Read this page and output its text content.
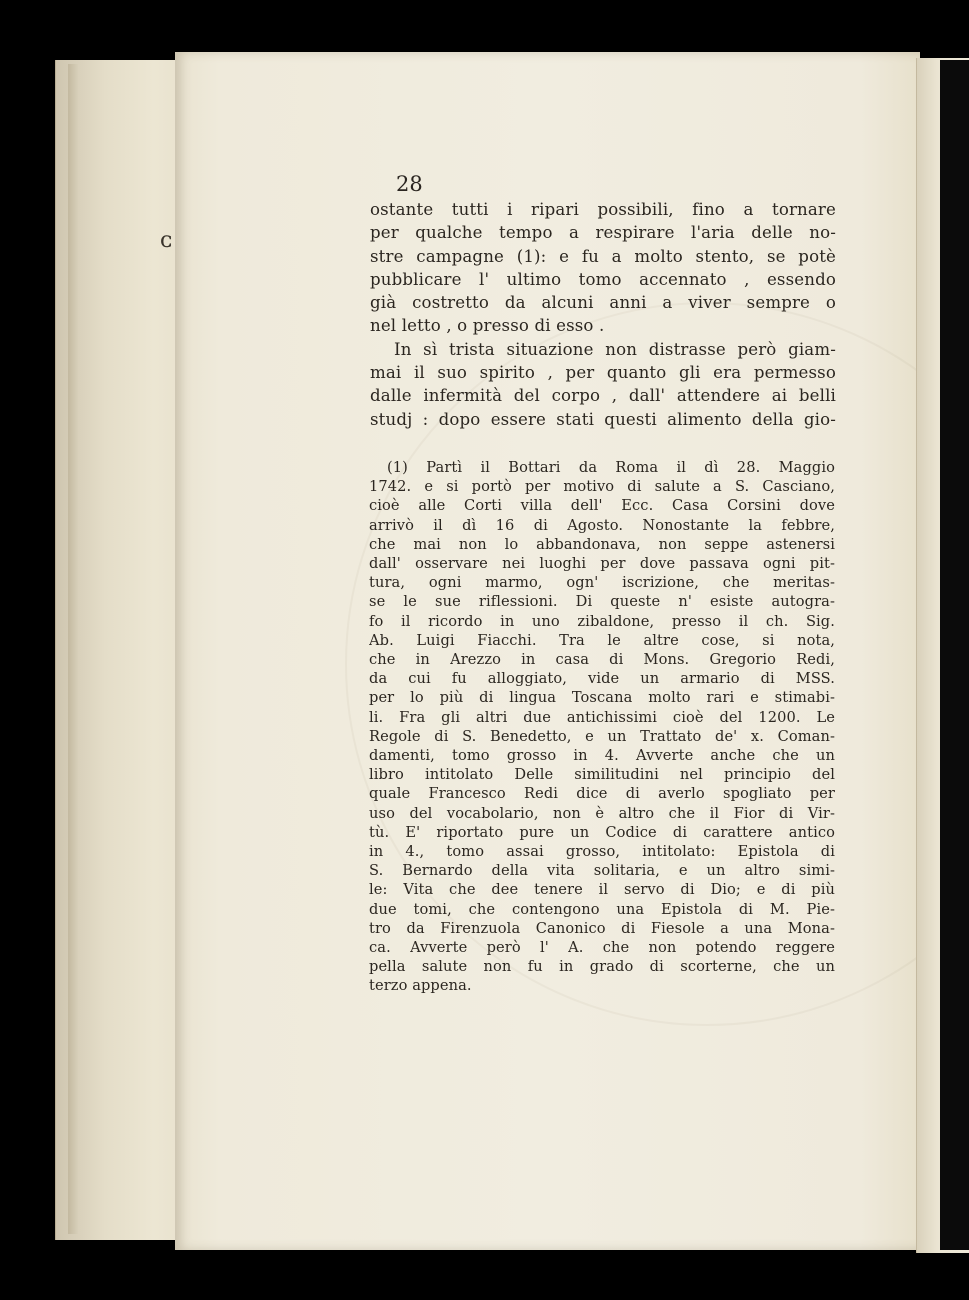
ᴄ
28
ostante tutti i ripari possibili, fino a tornare
per qualche tempo a respirare l'aria delle no-
stre campagne (1): e fu a molto stento, se potè
pubblicare l' ultimo tomo accennato , essendo
già costretto da alcuni anni a viver sempre o
nel letto , o presso di esso .
In sì trista situazione non distrasse però giam-
mai il suo spirito , per quanto gli era permesso
dalle infermità del corpo , dall' attendere ai belli
studj : dopo essere stati questi alimento della gio-
(1) Partì il Bottari da Roma il dì 28. Maggio
1742. e si portò per motivo di salute a S. Casciano,
cioè alle Corti villa dell' Ecc. Casa Corsini dove
arrivò il dì 16 di Agosto. Nonostante la febbre,
che mai non lo abbandonava, non seppe astenersi
dall' osservare nei luoghi per dove passava ogni pit-
tura, ogni marmo, ogn' iscrizione, che meritas-
se le sue riflessioni. Di queste n' esiste autogra-
fo il ricordo in uno zibaldone, presso il ch. Sig.
Ab. Luigi Fiacchi. Tra le altre cose, si nota,
che in Arezzo in casa di Mons. Gregorio Redi,
da cui fu alloggiato, vide un armario di MSS.
per lo più di lingua Toscana molto rari e stimabi-
li. Fra gli altri due antichissimi cioè del 1200. Le
Regole di S. Benedetto, e un Trattato de' x. Coman-
damenti, tomo grosso in 4. Avverte anche che un
libro intitolato Delle similitudini nel principio del
quale Francesco Redi dice di averlo spogliato per
uso del vocabolario, non è altro che il Fior di Vir-
tù. E' riportato pure un Codice di carattere antico
in 4., tomo assai grosso, intitolato: Epistola di
S. Bernardo della vita solitaria, e un altro simi-
le: Vita che dee tenere il servo di Dio; e di più
due tomi, che contengono una Epistola di M. Pie-
tro da Firenzuola Canonico di Fiesole a una Mona-
ca. Avverte però l' A. che non potendo reggere
pella salute non fu in grado di scorterne, che un
terzo appena.
